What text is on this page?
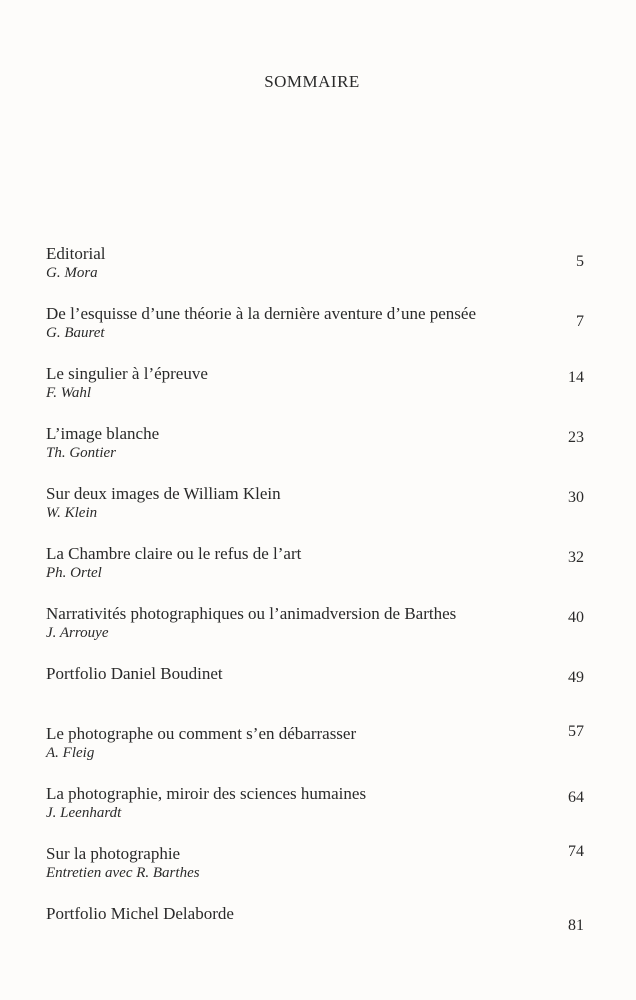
SOMMAIRE
Editorial
G. Mora
5
De l’esquisse d’une théorie à la dernière aventure d’une pensée
G. Bauret
7
Le singulier à l’épreuve
F. Wahl
14
L’image blanche
Th. Gontier
23
Sur deux images de William Klein
W. Klein
30
La Chambre claire ou le refus de l’art
Ph. Ortel
32
Narrativités photographiques ou l’animadversion de Barthes
J. Arrouye
40
Portfolio Daniel Boudinet	49
Le photographe ou comment s’en débarrasser
A. Fleig
57
La photographie, miroir des sciences humaines
J. Leenhardt
64
Sur la photographie
Entretien avec R. Barthes
74
Portfolio Michel Delaborde
81
